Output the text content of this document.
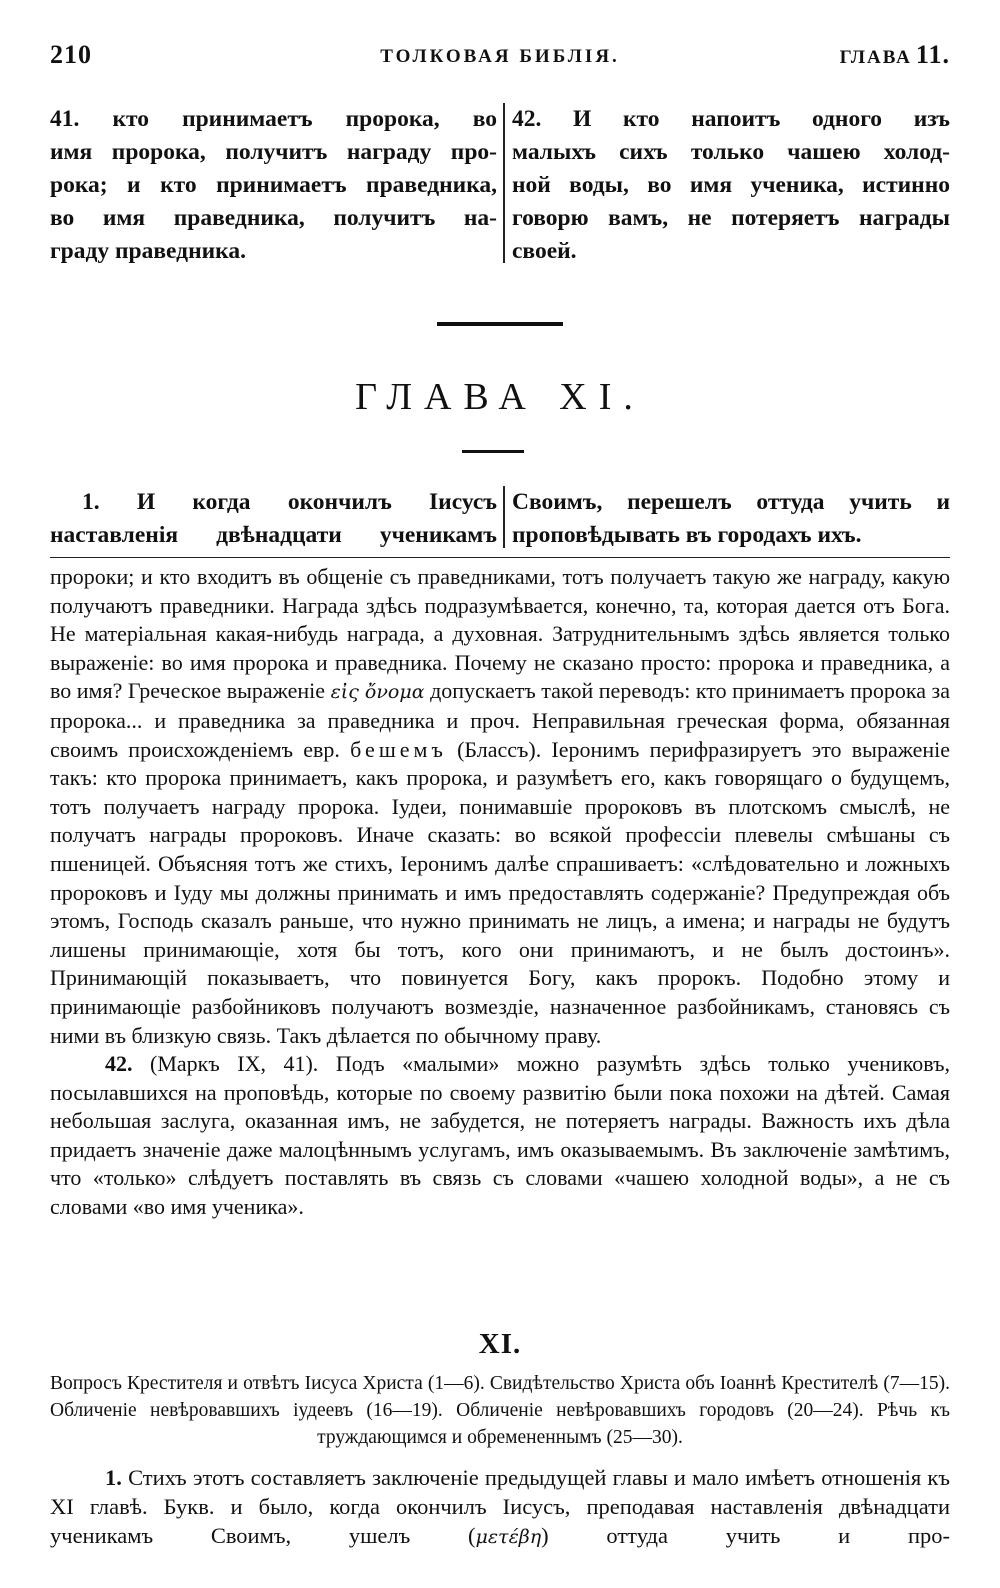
210	ТОЛКОВАЯ БИБЛІЯ.	ГЛАВА 11.
41. кто принимаетъ пророка, во
имя пророка, получитъ награду про-
рока; и кто принимаетъ праведника,
во имя праведника, получитъ на-
граду праведника.
42. И кто напоитъ одного изъ
малыхъ сихъ только чашею холод-
ной воды, во имя ученика, истинно
говорю вамъ, не потеряетъ награды
своей.
ГЛАВА XI.
1. И когда окончилъ Іисусъ
наставленія двѣнадцати ученикамъ
Своимъ, перешелъ оттуда учить и
проповѣдывать въ городахъ ихъ.

пророки; и кто входитъ въ общеніе съ праведниками, тотъ получаетъ такую же награду, какую получаютъ праведники. Награда здѣсь подразумѣвается, конечно, та, которая дается отъ Бога. Не матеріальная какая-нибудь награда, а духовная. Затруднительнымъ здѣсь является только выраженіе: во имя пророка и праведника. Почему не сказано просто: пророка и праведника, а во имя? Греческое выраженіе εἰς ὄνομα допускаетъ такой переводъ: кто принимаетъ пророка за пророка... и праведника за праведника и проч. Неправильная греческая форма, обязанная своимъ происхожденіемъ евр. бешемъ (Блассъ). Іеронимъ перифразируетъ это выраженіе такъ: кто пророка принимаетъ, какъ пророка, и разумѣетъ его, какъ говорящаго о будущемъ, тотъ получаетъ награду пророка. Іудеи, понимавшіе пророковъ въ плотскомъ смыслѣ, не получатъ награды пророковъ. Иначе сказать: во всякой профессіи плевелы смѣшаны съ пшеницей. Объясняя тотъ же стихъ, Іеронимъ далѣе спрашиваетъ: «слѣдовательно и ложныхъ пророковъ и Іуду мы должны принимать и имъ предоставлять содержаніе? Предупреждая объ этомъ, Господь сказалъ раньше, что нужно принимать не лицъ, а имена; и награды не будутъ лишены принимающіе, хотя бы тотъ, кого они принимаютъ, и не былъ достоинъ». Принимающій показываетъ, что повинуется Богу, какъ пророкъ. Подобно этому и принимающіе разбойниковъ получаютъ возмездіе, назначенное разбойникамъ, становясь съ ними въ близкую связь. Такъ дѣлается по обычному праву.

42. (Маркъ IX, 41). Подъ «малыми» можно разумѣть здѣсь только учениковъ, посылавшихся на проповѣдь, которые по своему развитію были пока похожи на дѣтей. Самая небольшая заслуга, оказанная имъ, не забудется, не потеряетъ награды. Важность ихъ дѣла придаетъ значеніе даже малоцѣннымъ услугамъ, имъ оказываемымъ. Въ заключеніе замѣтимъ, что «только» слѣдуетъ поставлять въ связь съ словами «чашею холодной воды», а не съ словами «во имя ученика».

XI.

Вопросъ Крестителя и отвѣтъ Іисуса Христа (1—6). Свидѣтельство Христа объ Іоаннѣ Крестителѣ (7—15). Обличеніе невѣровавшихъ іудеевъ (16—19). Обличеніе невѣровавшихъ городовъ (20—24). Рѣчь къ труждающимся и обремененнымъ (25—30).

1. Стихъ этотъ составляетъ заключеніе предыдущей главы и мало имѣетъ отношенія къ XI главѣ. Букв. и было, когда окончилъ Іисусъ, преподавая наставленія двѣнадцати ученикамъ Своимъ, ушелъ (μετέβη) оттуда учить и про-
